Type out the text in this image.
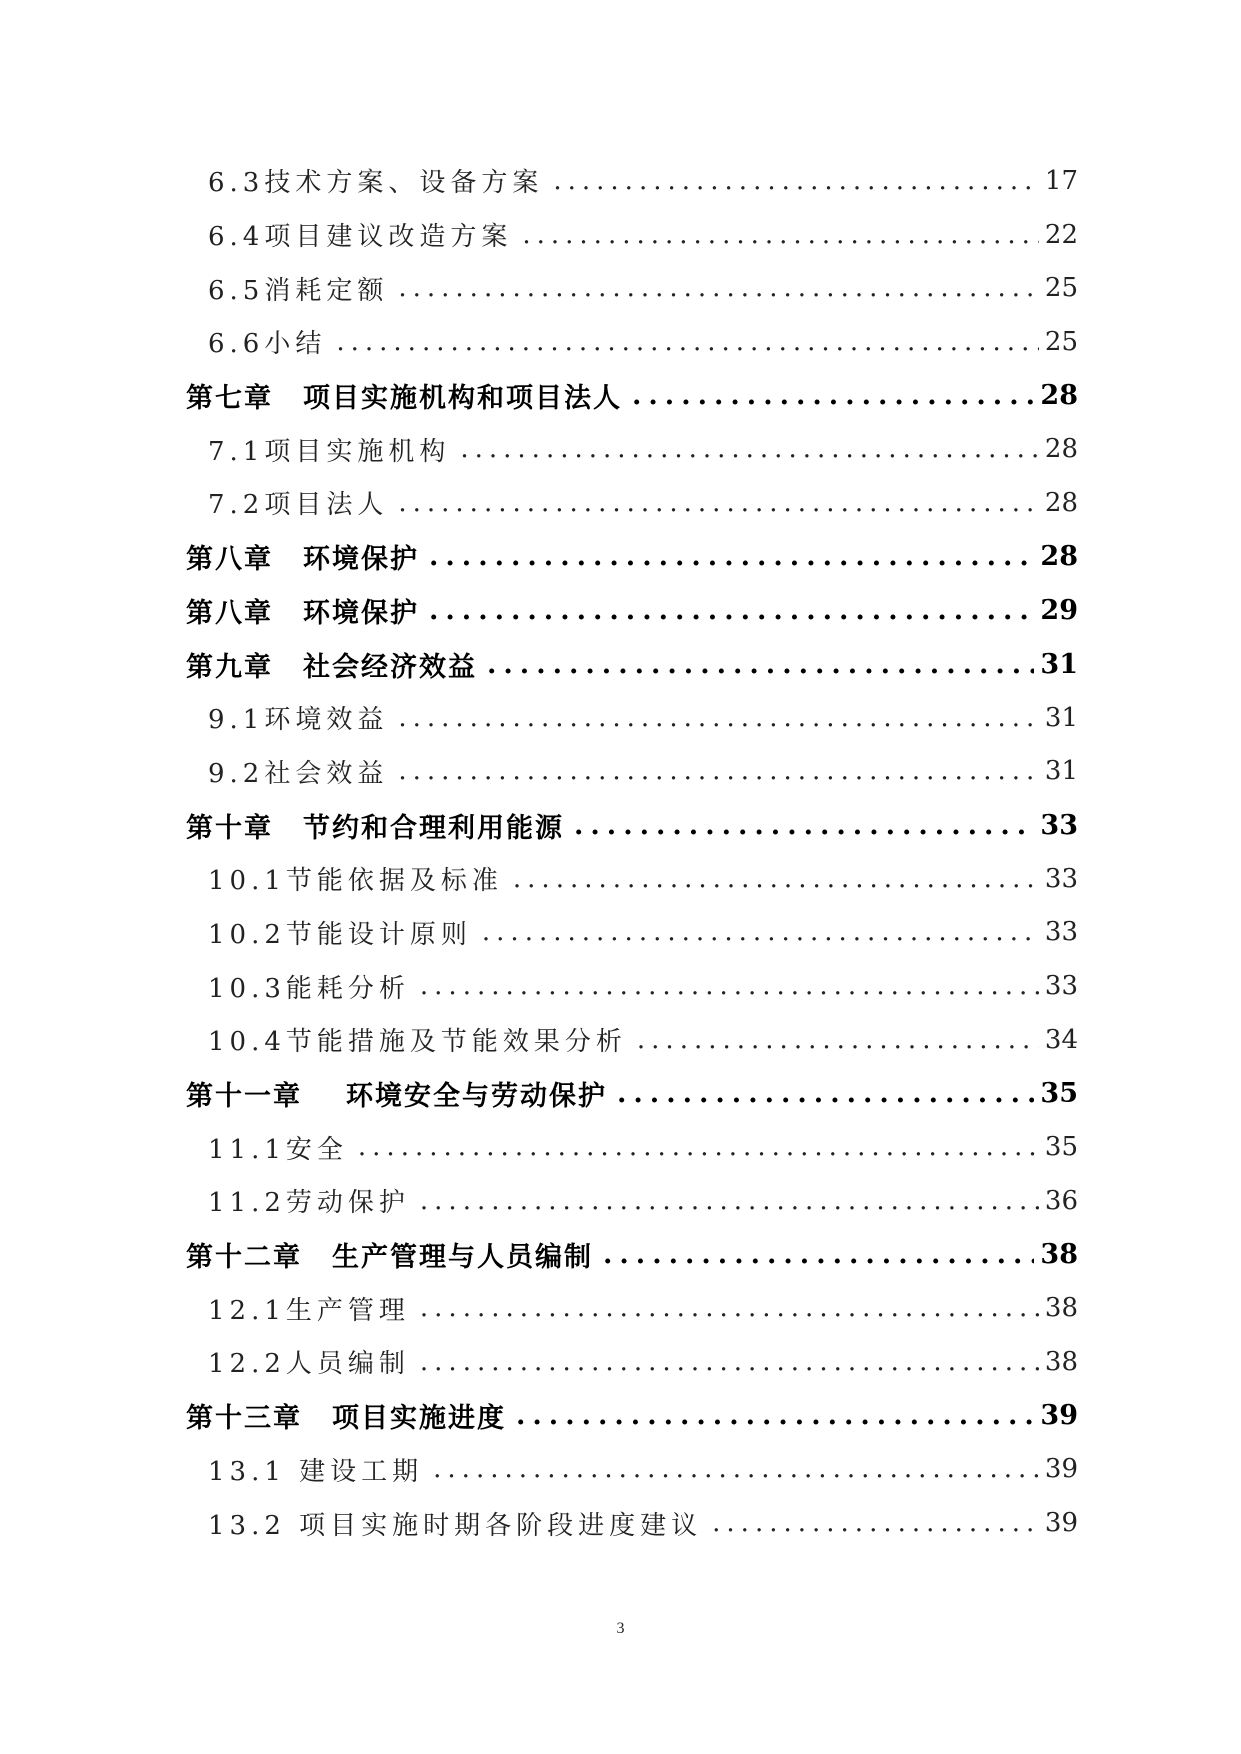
6.3技术方案、设备方案 .....	17
6.4项目建议改造方案 .....	22
6.5消耗定额 .....	25
6.6小结 .....	25
第七章 项目实施机构和项目法人 .....	28
7.1项目实施机构 .....	28
7.2项目法人 .....	28
第八章 环境保护 .....	28
第八章 环境保护 .....	29
第九章 社会经济效益 .....	31
9.1环境效益 .....	31
9.2社会效益 .....	31
第十章 节约和合理利用能源 .....	33
10.1节能依据及标准 .....	33
10.2节能设计原则 .....	33
10.3能耗分析 .....	33
10.4节能措施及节能效果分析 .....	34
第十一章 环境安全与劳动保护 .....	35
11.1安全 .....	35
11.2劳动保护 .....	36
第十二章 生产管理与人员编制 .....	38
12.1生产管理 .....	38
12.2人员编制 .....	38
第十三章 项目实施进度 .....	39
13.1 建设工期 .....	39
13.2 项目实施时期各阶段进度建议 .....	39
3
